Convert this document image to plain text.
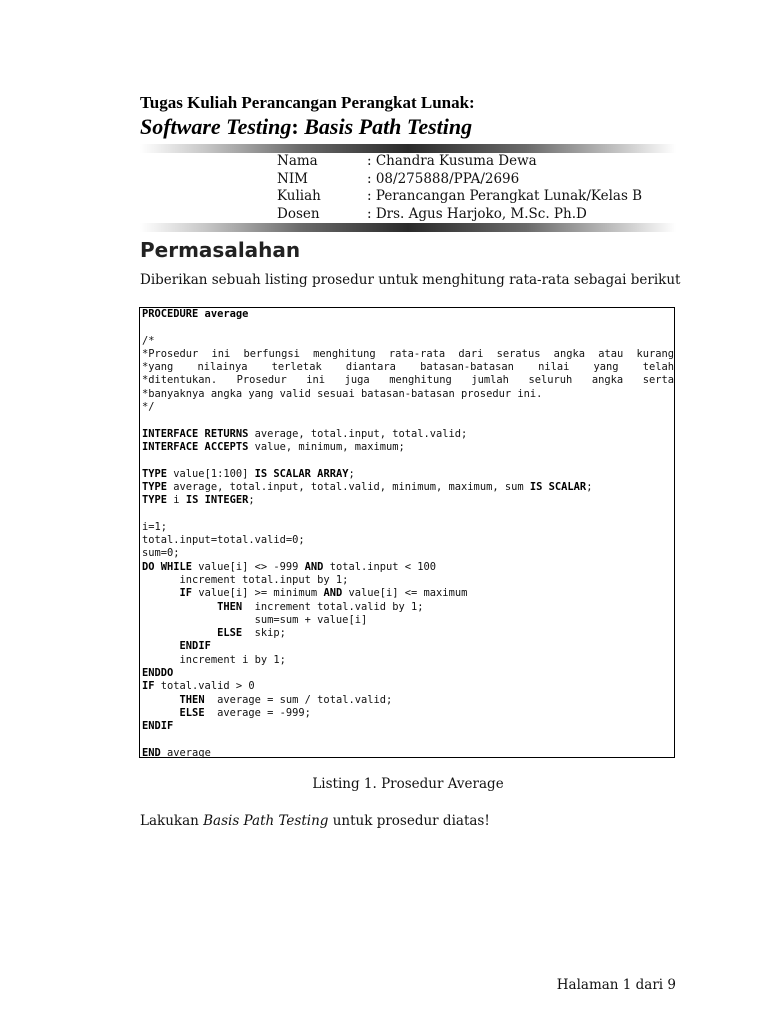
Tugas Kuliah Perancangan Perangkat Lunak:
Software Testing: Basis Path Testing
Nama	: Chandra Kusuma Dewa
NIM	: 08/275888/PPA/2696
Kuliah	: Perancangan Perangkat Lunak/Kelas B
Dosen	: Drs. Agus Harjoko, M.Sc. Ph.D
Permasalahan
Diberikan sebuah listing prosedur untuk menghitung rata-rata sebagai berikut
PROCEDURE average

/*
*Prosedur ini berfungsi menghitung rata-rata dari seratus angka atau kurang
*yang nilainya terletak diantara batasan-batasan nilai yang telah
*ditentukan. Prosedur ini juga menghitung jumlah seluruh angka serta
*banyaknya angka yang valid sesuai batasan-batasan prosedur ini.
*/

INTERFACE RETURNS average, total.input, total.valid;
INTERFACE ACCEPTS value, minimum, maximum;

TYPE value[1:100] IS SCALAR ARRAY;
TYPE average, total.input, total.valid, minimum, maximum, sum IS SCALAR;
TYPE i IS INTEGER;

i=1;
total.input=total.valid=0;
sum=0;
DO WHILE value[i] <> -999 AND total.input < 100
increment total.input by 1;
IF value[i] >= minimum AND value[i] <= maximum
THEN  increment total.valid by 1;
sum=sum + value[i]
ELSE  skip;
ENDIF
increment i by 1;
ENDDO
IF total.valid > 0
THEN  average = sum / total.valid;
ELSE  average = -999;
ENDIF

END average
Listing 1. Prosedur Average
Lakukan Basis Path Testing untuk prosedur diatas!
Halaman 1 dari 9
